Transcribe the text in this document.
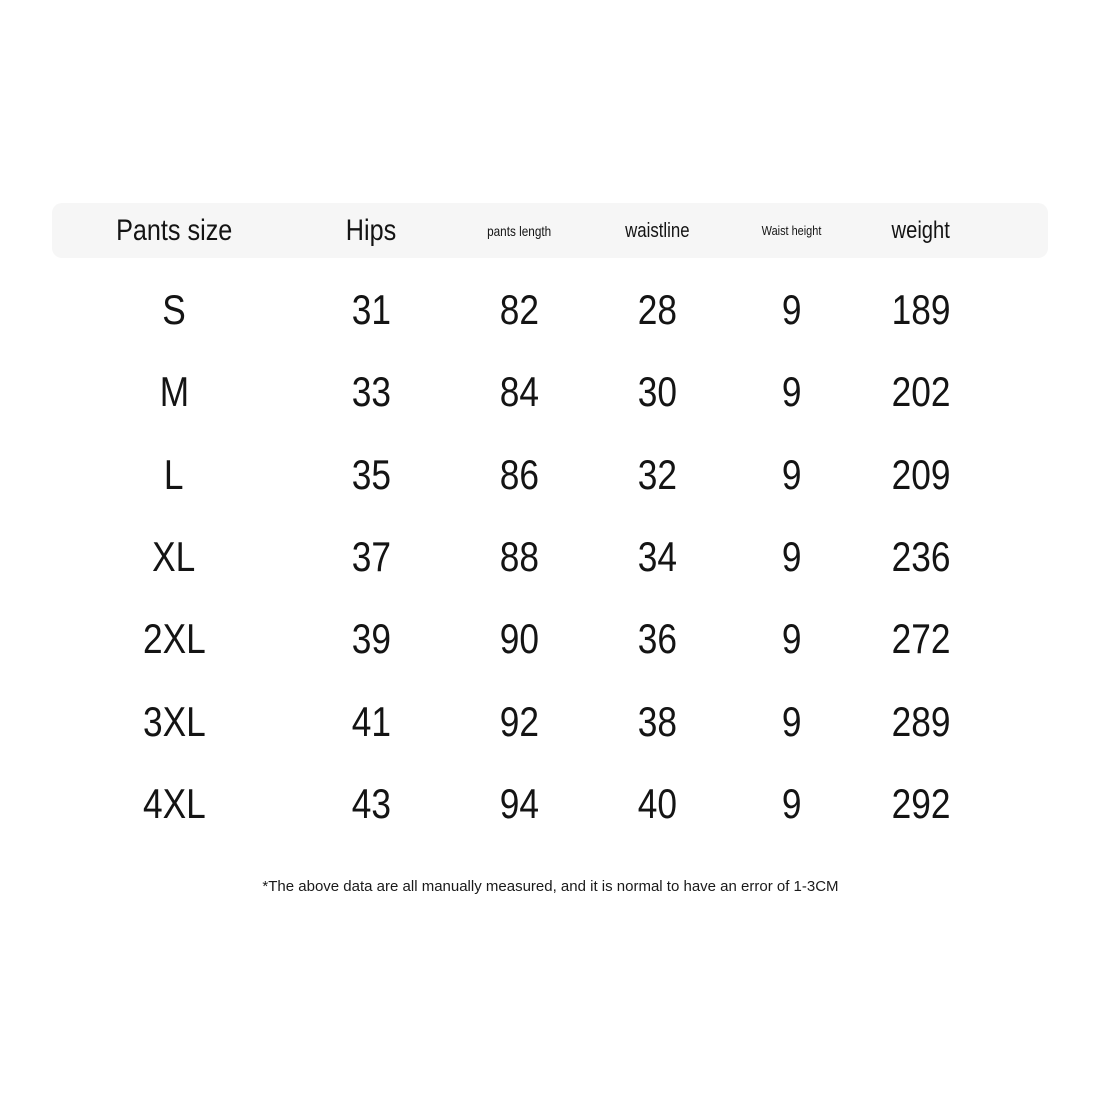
Pants size	Hips	pants length	waistline	Waist height	weight
S	31	82	28	9	189
M	33	84	30	9	202
L	35	86	32	9	209
XL	37	88	34	9	236
2XL	39	90	36	9	272
3XL	41	92	38	9	289
4XL	43	94	40	9	292
*The above data are all manually measured, and it is normal to have an error of 1-3CM
